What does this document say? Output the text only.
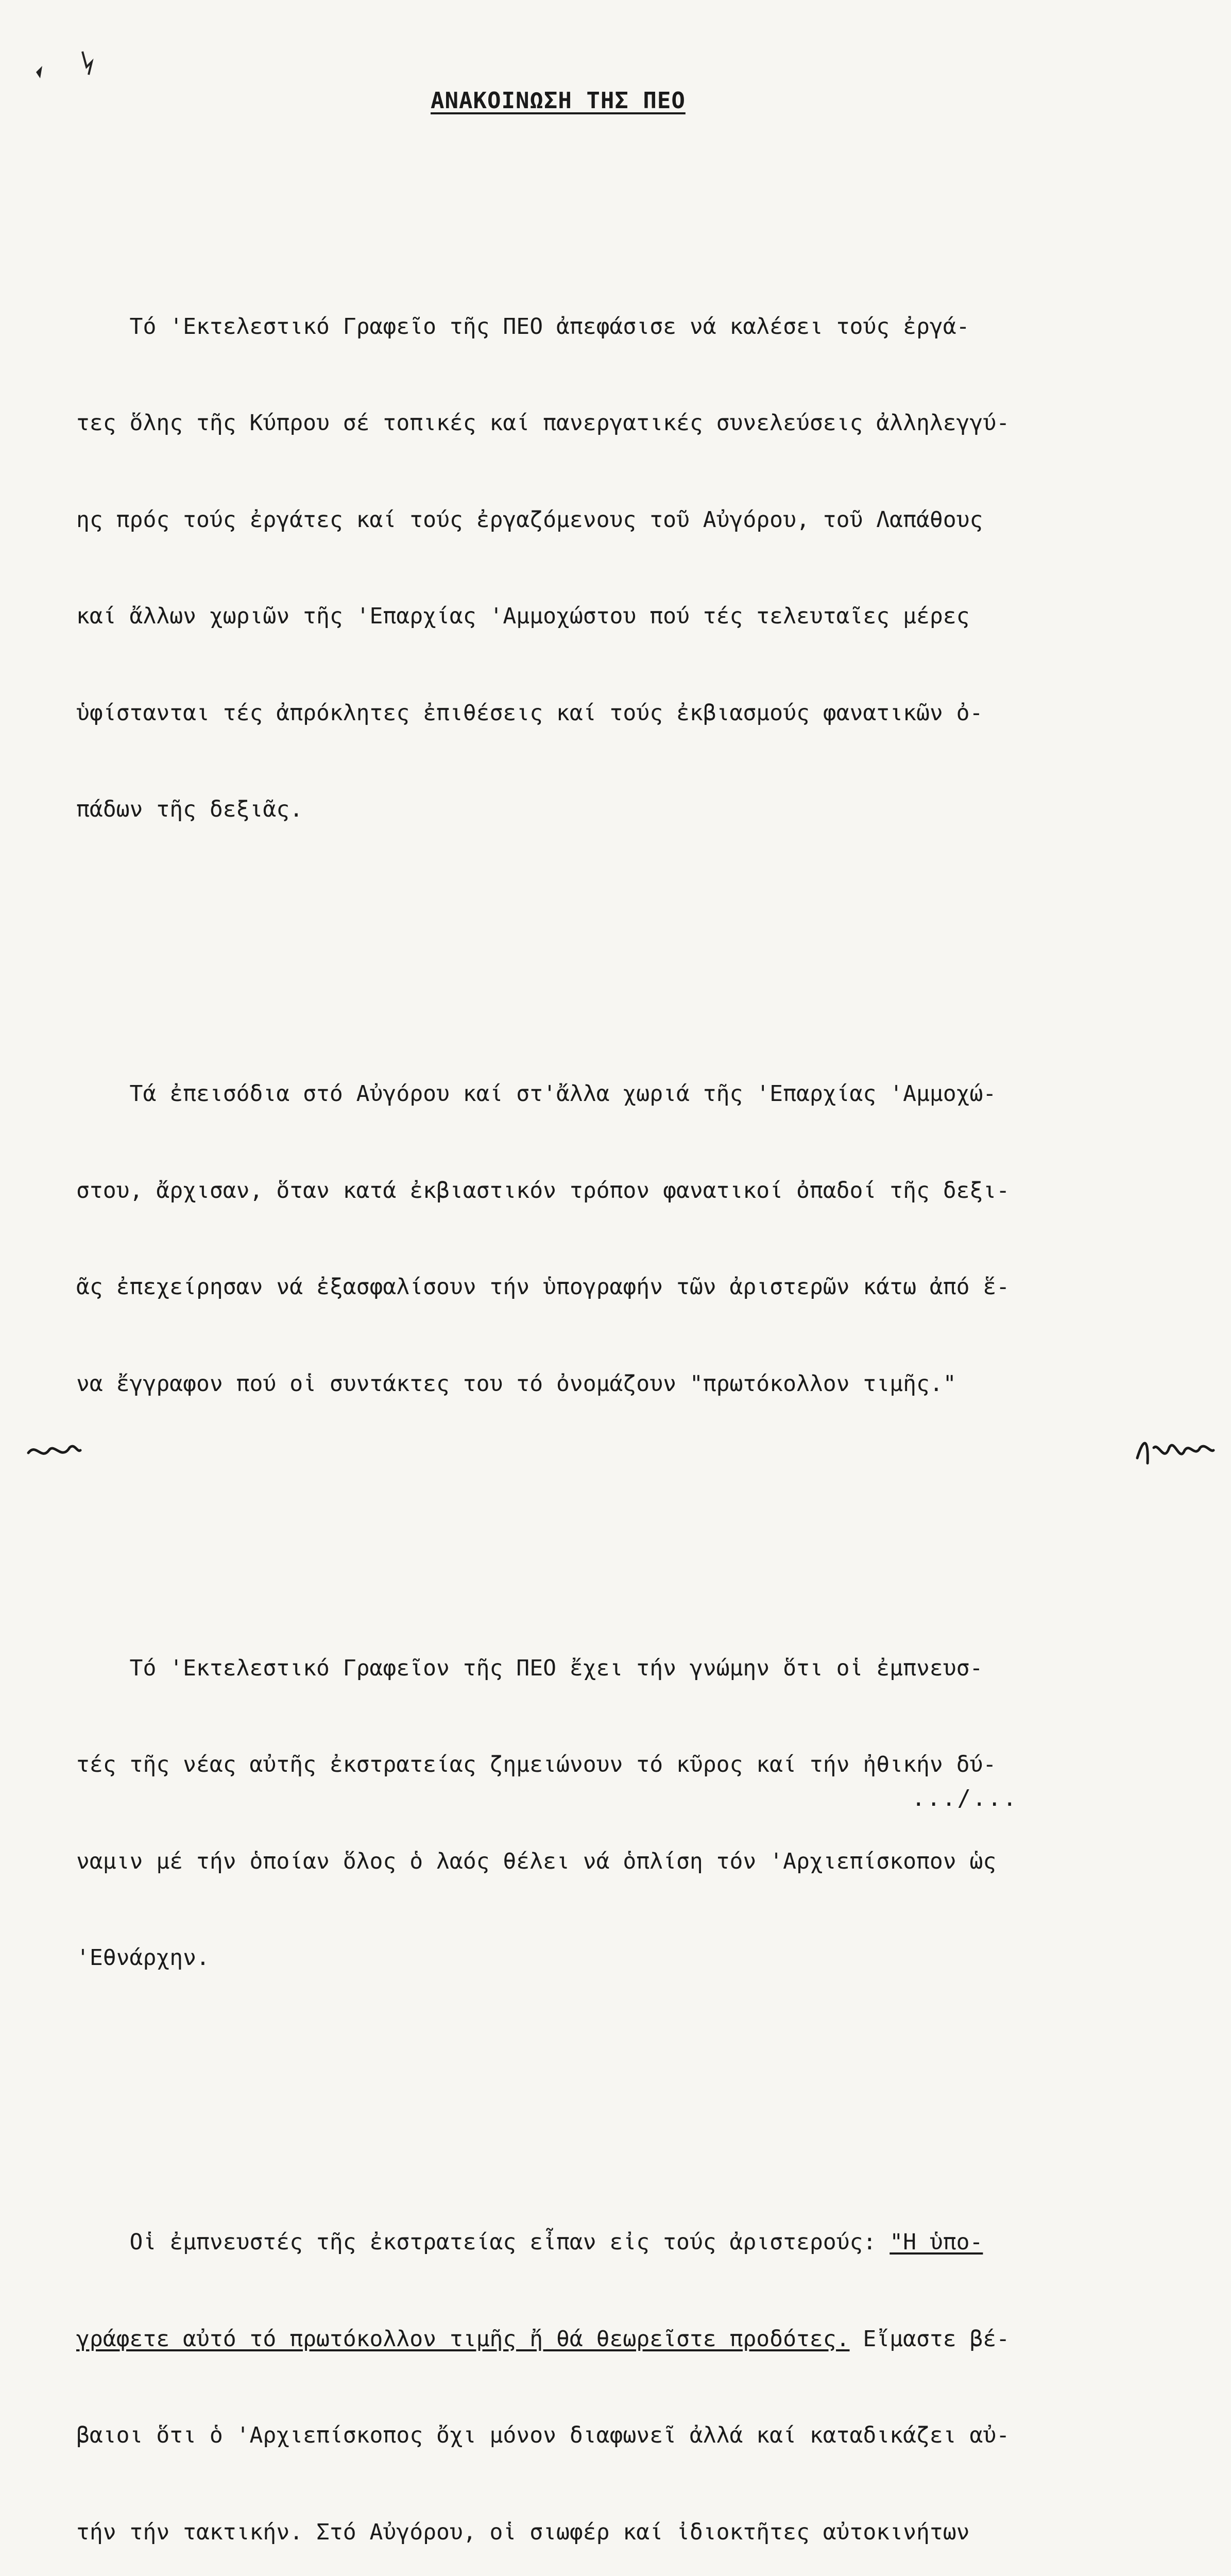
ΑΝΑΚΟΙΝΩΣΗ ΤΗΣ ΠΕΟ

Τό 'Εκτελεστικό Γραφεῖο τῆς ΠΕΟ ἀπεφάσισε νά καλέσει τούς ἐργά-

τες ὅλης τῆς Κύπρου σέ τοπικές καί πανεργατικές συνελεύσεις ἀλληλεγγύ-

ης πρός τούς ἐργάτες καί τούς ἐργαζόμενους τοῦ Αὐγόρου, τοῦ Λαπάθους

καί ἄλλων χωριῶν τῆς 'Επαρχίας 'Αμμοχώστου πού τές τελευταῖες μέρες

ὑφίστανται τές ἀπρόκλητες ἐπιθέσεις καί τούς ἐκβιασμούς φανατικῶν ὀ-

πάδων τῆς δεξιᾶς.

Τά ἐπεισόδια στό Αὐγόρου καί στ'ἄλλα χωριά τῆς 'Επαρχίας 'Αμμοχώ-

στου, ἄρχισαν, ὅταν κατά ἐκβιαστικόν τρόπον φανατικοί ὀπαδοί τῆς δεξι-

ᾶς ἐπεχείρησαν νά ἐξασφαλίσουν τήν ὑπογραφήν τῶν ἀριστερῶν κάτω ἀπό ἕ-

να ἔγγραφον πού οἱ συντάκτες του τό ὀνομάζουν "πρωτόκολλον τιμῆς."

Τό 'Εκτελεστικό Γραφεῖον τῆς ΠΕΟ ἔχει τήν γνώμην ὅτι οἱ ἐμπνευσ-

τές τῆς νέας αὐτῆς ἐκστρατείας ζημειώνουν τό κῦρος καί τήν ἠθικήν δύ-

ναμιν μέ τήν ὁποίαν ὅλος ὁ λαός θέλει νά ὁπλίση τόν 'Αρχιεπίσκοπον ὡς

'Εθνάρχην.

Οἱ ἐμπνευστές τῆς ἐκστρατείας εἶπαν εἰς τούς ἀριστερούς: "Η ὑπο-

γράφετε αὐτό τό πρωτόκολλον τιμῆς ἤ θά θεωρεῖστε προδότες. Εἴμαστε βέ-

βαιοι ὅτι ὁ 'Αρχιεπίσκοπος ὄχι μόνον διαφωνεῖ ἀλλά καί καταδικάζει αὐ-

τήν τήν τακτικήν. Στό Αὐγόρου, οἱ σιωφέρ καί ἰδιοκτῆτες αὐτοκινήτων

.../...
